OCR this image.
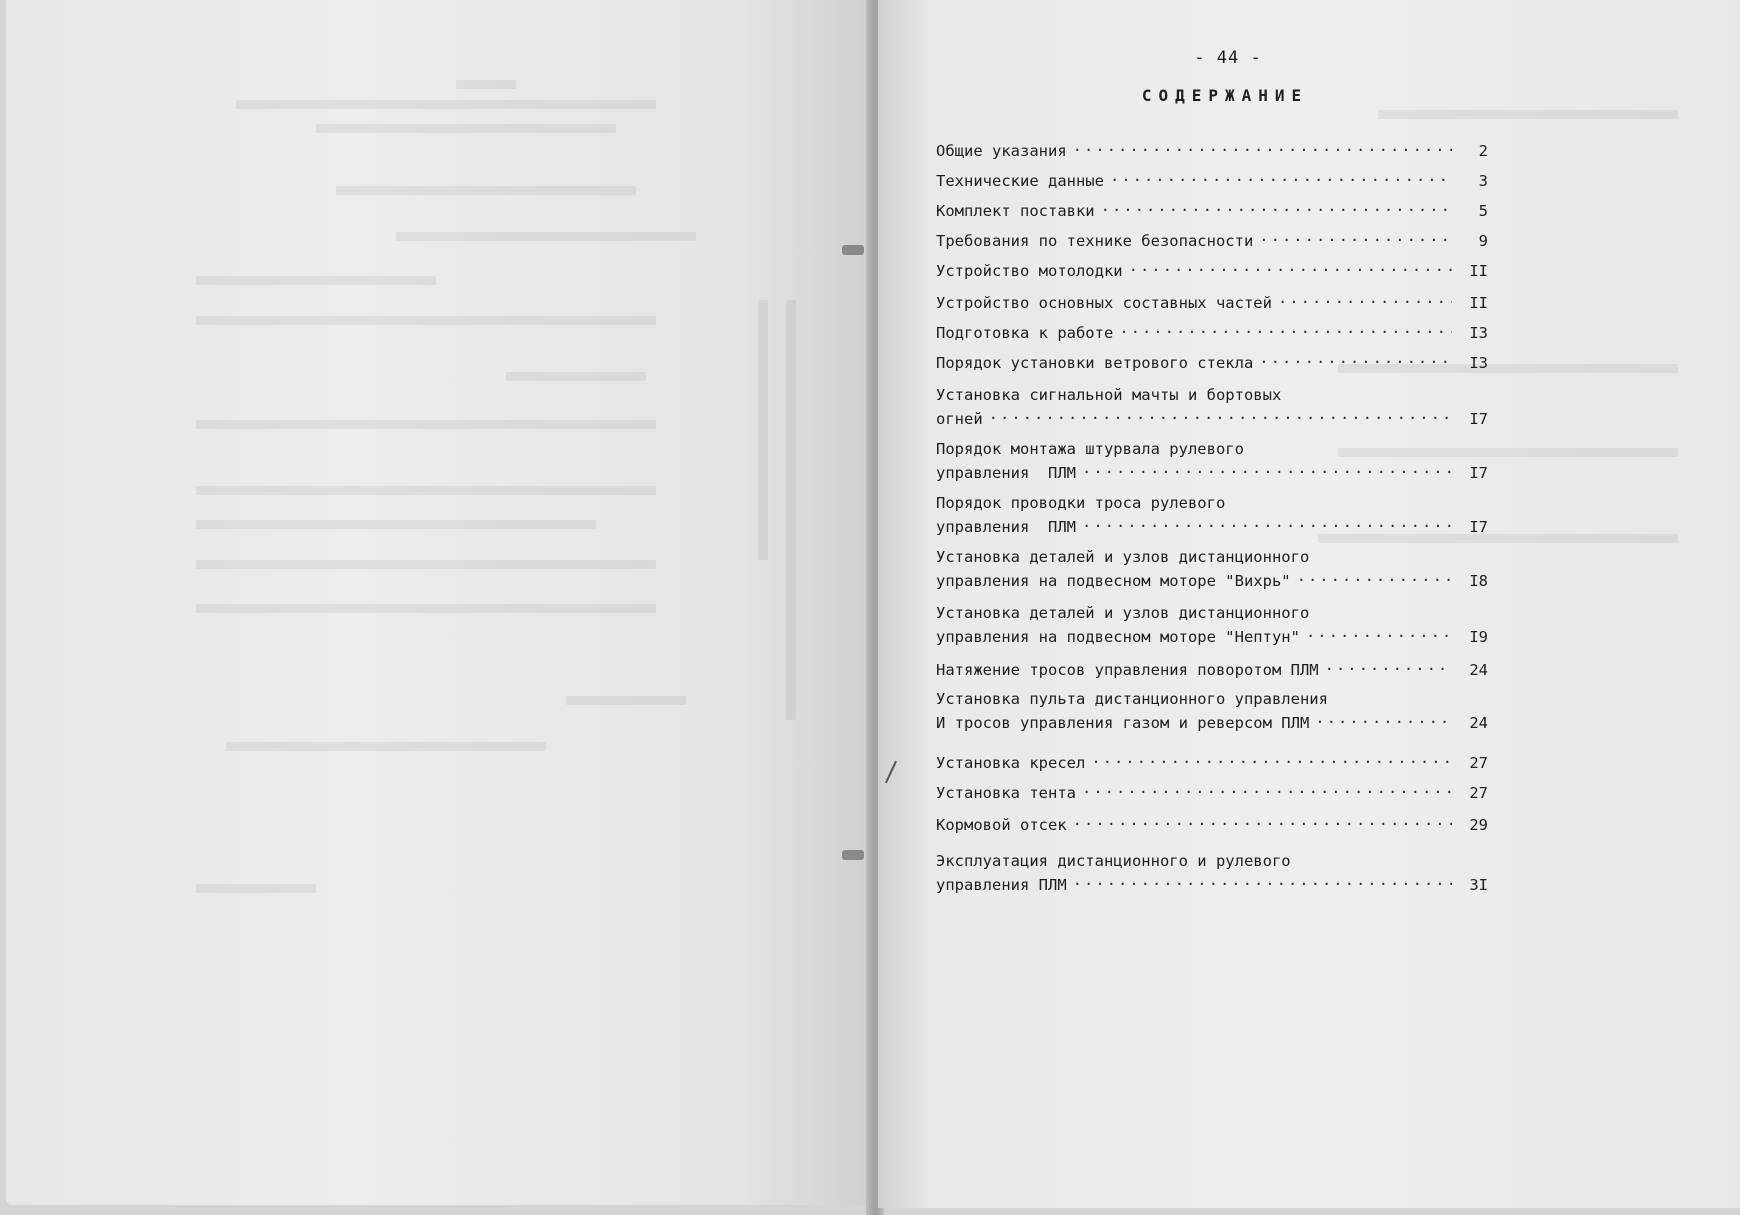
- 44 -
СОДЕРЖАНИЕ
Общие указания .....	2
Технические данные .....	3
Комплект поставки .....	5
Требования по технике безопасности .....	9
Устройство мотолодки .....	II
Устройство основных составных частей .....	II
Подготовка к работе .....	I3
Порядок установки ветрового стекла .....	I3
Установка сигнальной мачты и бортовых
огней .....	I7
Порядок монтажа штурвала рулевого
управления  ПЛМ .....	I7
Порядок проводки троса рулевого
управления  ПЛМ .....	I7
Установка деталей и узлов дистанционного
управления на подвесном моторе "Вихрь" .....	I8
Установка деталей и узлов дистанционного
управления на подвесном моторе "Нептун" .....	I9
Натяжение тросов управления поворотом ПЛМ .....	24
Установка пульта дистанционного управления
И тросов управления газом и реверсом ПЛМ .....	24
Установка кресел .....	27
Установка тента .....	27
Кормовой отсек .....	29
Эксплуатация дистанционного и рулевого
управления ПЛМ .....	3I
